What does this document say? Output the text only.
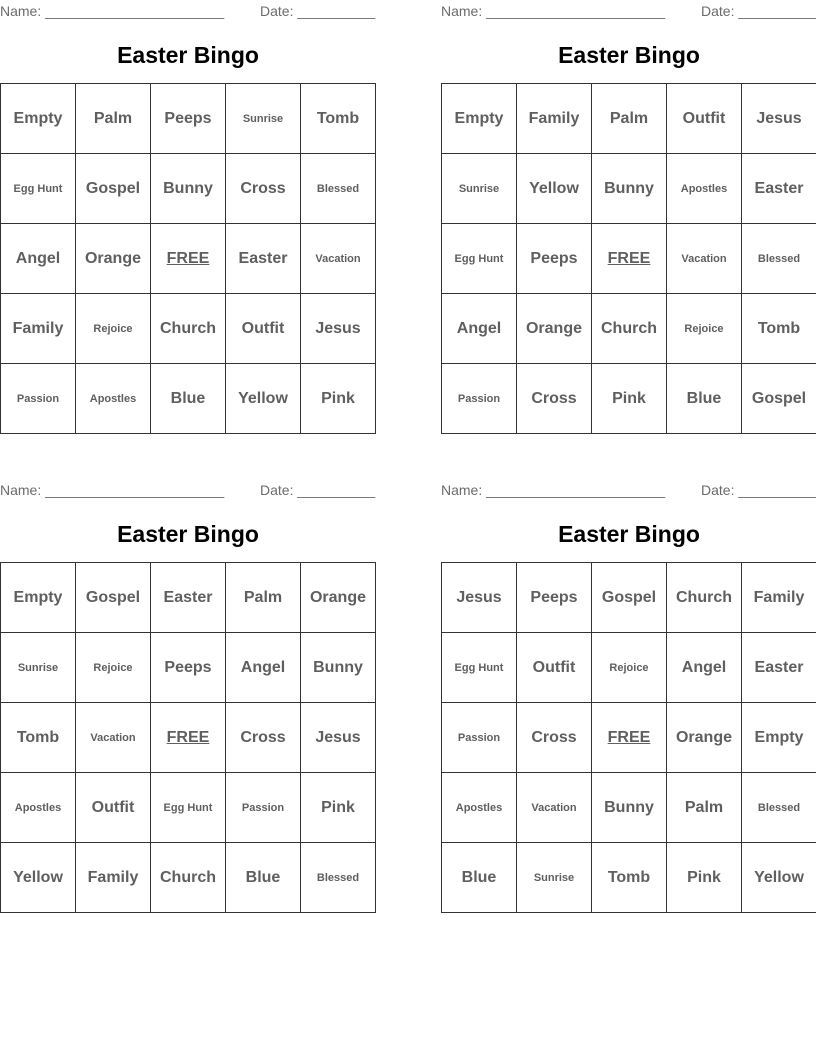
Name: _______________________	Date: __________
Easter Bingo
Empty	Palm	Peeps	Sunrise	Tomb
Egg Hunt	Gospel	Bunny	Cross	Blessed
Angel	Orange	FREE	Easter	Vacation
Family	Rejoice	Church	Outfit	Jesus
Passion	Apostles	Blue	Yellow	Pink
Name: _______________________	Date: __________
Easter Bingo
Empty	Family	Palm	Outfit	Jesus
Sunrise	Yellow	Bunny	Apostles	Easter
Egg Hunt	Peeps	FREE	Vacation	Blessed
Angel	Orange	Church	Rejoice	Tomb
Passion	Cross	Pink	Blue	Gospel
Name: _______________________	Date: __________
Easter Bingo
Empty	Gospel	Easter	Palm	Orange
Sunrise	Rejoice	Peeps	Angel	Bunny
Tomb	Vacation	FREE	Cross	Jesus
Apostles	Outfit	Egg Hunt	Passion	Pink
Yellow	Family	Church	Blue	Blessed
Name: _______________________	Date: __________
Easter Bingo
Jesus	Peeps	Gospel	Church	Family
Egg Hunt	Outfit	Rejoice	Angel	Easter
Passion	Cross	FREE	Orange	Empty
Apostles	Vacation	Bunny	Palm	Blessed
Blue	Sunrise	Tomb	Pink	Yellow
